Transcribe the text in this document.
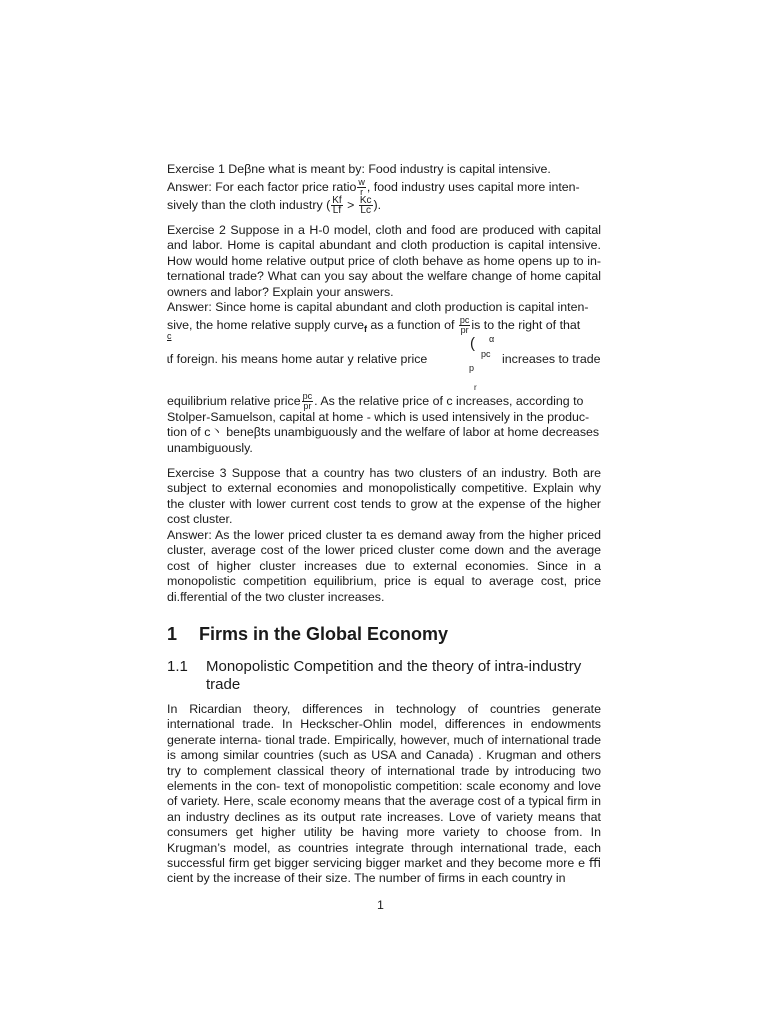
Exercise 1 Deβne what is meant by: Food industry is capital intensive.
Answer: For each factor price ratio $\frac{w}{r}$ , food industry uses capital more inten-
sively than the cloth industry ( $\frac{Kf}{Lf} > \frac{Kc}{Lc}$ ).
Exercise 2 Suppose in a H-0 model, cloth and food are produced with capital and labor. Home is capital abundant and cloth production is capital intensive. How would home relative output price of cloth behave as home opens up to in- ternational trade? What can you say about the welfare change of home capital owners and labor? Explain your answers.
Answer: Since home is capital abundant and cloth production is capital inten-
sive, the home relative supply curve$_f$ as a function of $\frac{pc}{pr}$ is to the right of that
c	( α
ɩf foreign. his means home autar y relative price
p
pc increases to trade
r
equilibrium relative price $\frac{pc}{pr}$ . As the relative price of c increases, according to
Stolper-Samuelson, capital at home - which is used intensively in the produc-
tion of c丶 beneβts unambiguously and the welfare of labor at home decreases
unambiguously.
Exercise 3 Suppose that a country has two clusters of an industry. Both are subject to external economies and monopolistically competitive. Explain why the cluster with lower current cost tends to grow at the expense of the higher cost cluster.
Answer: As the lower priced cluster ta es demand away from the higher priced cluster, average cost of the lower priced cluster come down and the average cost of higher cluster increases due to external economies. Since in a monopolistic competition equilibrium, price is equal to average cost, price di.fferential of the two cluster increases.
1 Firms in the Global Economy
1.1 Monopolistic Competition and the theory of intra-industry trade
In Ricardian theory, differences in technology of countries generate international trade. In Heckscher-Ohlin model, differences in endowments generate interna- tional trade. Empirically, however, much of international trade is among similar countries (such as USA and Canada) . Krugman and others try to complement classical theory of international trade by introducing two elements in the con- text of monopolistic competition: scale economy and love of variety. Here, scale economy means that the average cost of a typical firm in an industry declines as its output rate increases. Love of variety means that consumers get higher utility be having more variety to choose from. In Krugman’s model, as countries integrate through international trade, each successful firm get bigger servicing bigger market and they become more e ﬃ cient by the increase of their size. The number of firms in each country in
1
